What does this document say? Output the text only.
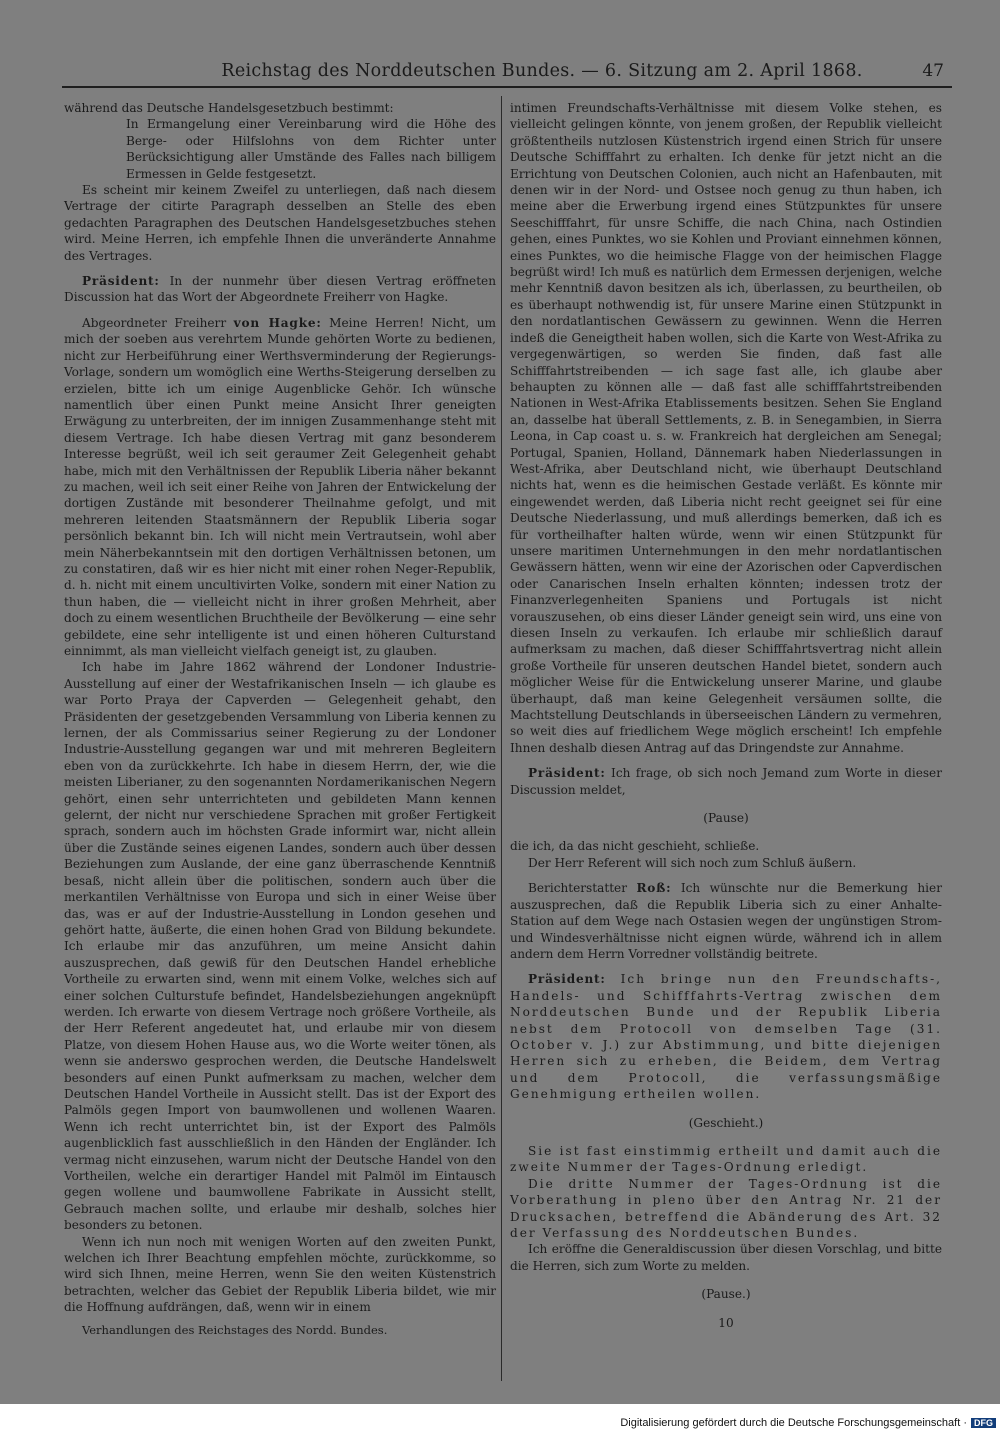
Reichstag des Norddeutschen Bundes. — 6. Sitzung am 2. April 1868.	47

während das Deutsche Handelsgesetzbuch bestimmt:

In Ermangelung einer Vereinbarung wird die Höhe des Berge- oder Hilfslohns von dem Richter unter Berücksichtigung aller Umstände des Falles nach billigem Ermessen in Gelde festgesetzt.

Es scheint mir keinem Zweifel zu unterliegen, daß nach diesem Vertrage der citirte Paragraph desselben an Stelle des eben gedachten Paragraphen des Deutschen Handelsgesetzbuches stehen wird. Meine Herren, ich empfehle Ihnen die unveränderte Annahme des Vertrages.

Präsident: In der nunmehr über diesen Vertrag eröffneten Discussion hat das Wort der Abgeordnete Freiherr von Hagke.

Abgeordneter Freiherr von Hagke: Meine Herren! Nicht, um mich der soeben aus verehrtem Munde gehörten Worte zu bedienen, nicht zur Herbeiführung einer Werthsverminderung der Regierungs-Vorlage, sondern um womöglich eine Werths-Steigerung derselben zu erzielen, bitte ich um einige Augenblicke Gehör. Ich wünsche namentlich über einen Punkt meine Ansicht Ihrer geneigten Erwägung zu unterbreiten, der im innigen Zusammenhange steht mit diesem Vertrage. Ich habe diesen Vertrag mit ganz besonderem Interesse begrüßt, weil ich seit geraumer Zeit Gelegenheit gehabt habe, mich mit den Verhältnissen der Republik Liberia näher bekannt zu machen, weil ich seit einer Reihe von Jahren der Entwickelung der dortigen Zustände mit besonderer Theilnahme gefolgt, und mit mehreren leitenden Staatsmännern der Republik Liberia sogar persönlich bekannt bin. Ich will nicht mein Vertrautsein, wohl aber mein Näherbekanntsein mit den dortigen Verhältnissen betonen, um zu constatiren, daß wir es hier nicht mit einer rohen Neger-Republik, d. h. nicht mit einem uncultivirten Volke, sondern mit einer Nation zu thun haben, die — vielleicht nicht in ihrer großen Mehrheit, aber doch zu einem wesentlichen Bruchtheile der Bevölkerung — eine sehr gebildete, eine sehr intelligente ist und einen höheren Culturstand einnimmt, als man vielleicht vielfach geneigt ist, zu glauben.

Ich habe im Jahre 1862 während der Londoner Industrie-Ausstellung auf einer der Westafrikanischen Inseln — ich glaube es war Porto Praya der Capverden — Gelegenheit gehabt, den Präsidenten der gesetzgebenden Versammlung von Liberia kennen zu lernen, der als Commissarius seiner Regierung zu der Londoner Industrie-Ausstellung gegangen war und mit mehreren Begleitern eben von da zurückkehrte. Ich habe in diesem Herrn, der, wie die meisten Liberianer, zu den sogenannten Nordamerikanischen Negern gehört, einen sehr unterrichteten und gebildeten Mann kennen gelernt, der nicht nur verschiedene Sprachen mit großer Fertigkeit sprach, sondern auch im höchsten Grade informirt war, nicht allein über die Zustände seines eigenen Landes, sondern auch über dessen Beziehungen zum Auslande, der eine ganz überraschende Kenntniß besaß, nicht allein über die politischen, sondern auch über die merkantilen Verhältnisse von Europa und sich in einer Weise über das, was er auf der Industrie-Ausstellung in London gesehen und gehört hatte, äußerte, die einen hohen Grad von Bildung bekundete. Ich erlaube mir das anzuführen, um meine Ansicht dahin auszusprechen, daß gewiß für den Deutschen Handel erhebliche Vortheile zu erwarten sind, wenn mit einem Volke, welches sich auf einer solchen Culturstufe befindet, Handelsbeziehungen angeknüpft werden. Ich erwarte von diesem Vertrage noch größere Vortheile, als der Herr Referent angedeutet hat, und erlaube mir von diesem Platze, von diesem Hohen Hause aus, wo die Worte weiter tönen, als wenn sie anderswo gesprochen werden, die Deutsche Handelswelt besonders auf einen Punkt aufmerksam zu machen, welcher dem Deutschen Handel Vortheile in Aussicht stellt. Das ist der Export des Palmöls gegen Import von baumwollenen und wollenen Waaren. Wenn ich recht unterrichtet bin, ist der Export des Palmöls augenblicklich fast ausschließlich in den Händen der Engländer. Ich vermag nicht einzusehen, warum nicht der Deutsche Handel von den Vortheilen, welche ein derartiger Handel mit Palmöl im Eintausch gegen wollene und baumwollene Fabrikate in Aussicht stellt, Gebrauch machen sollte, und erlaube mir deshalb, solches hier besonders zu betonen.

Wenn ich nun noch mit wenigen Worten auf den zweiten Punkt, welchen ich Ihrer Beachtung empfehlen möchte, zurückkomme, so wird sich Ihnen, meine Herren, wenn Sie den weiten Küstenstrich betrachten, welcher das Gebiet der Republik Liberia bildet, wie mir die Hoffnung aufdrängen, daß, wenn wir in einem

Verhandlungen des Reichstages des Nordd. Bundes.

intimen Freundschafts-Verhältnisse mit diesem Volke stehen, es vielleicht gelingen könnte, von jenem großen, der Republik vielleicht größtentheils nutzlosen Küstenstrich irgend einen Strich für unsere Deutsche Schifffahrt zu erhalten. Ich denke für jetzt nicht an die Errichtung von Deutschen Colonien, auch nicht an Hafenbauten, mit denen wir in der Nord- und Ostsee noch genug zu thun haben, ich meine aber die Erwerbung irgend eines Stützpunktes für unsere Seeschifffahrt, für unsre Schiffe, die nach China, nach Ostindien gehen, eines Punktes, wo sie Kohlen und Proviant einnehmen können, eines Punktes, wo die heimische Flagge von der heimischen Flagge begrüßt wird! Ich muß es natürlich dem Ermessen derjenigen, welche mehr Kenntniß davon besitzen als ich, überlassen, zu beurtheilen, ob es überhaupt nothwendig ist, für unsere Marine einen Stützpunkt in den nordatlantischen Gewässern zu gewinnen. Wenn die Herren indeß die Geneigtheit haben wollen, sich die Karte von West-Afrika zu vergegenwärtigen, so werden Sie finden, daß fast alle Schifffahrtstreibenden — ich sage fast alle, ich glaube aber behaupten zu können alle — daß fast alle schifffahrtstreibenden Nationen in West-Afrika Etablissements besitzen. Sehen Sie England an, dasselbe hat überall Settlements, z. B. in Senegambien, in Sierra Leona, in Cap coast u. s. w. Frankreich hat dergleichen am Senegal; Portugal, Spanien, Holland, Dännemark haben Niederlassungen in West-Afrika, aber Deutschland nicht, wie überhaupt Deutschland nichts hat, wenn es die heimischen Gestade verläßt. Es könnte mir eingewendet werden, daß Liberia nicht recht geeignet sei für eine Deutsche Niederlassung, und muß allerdings bemerken, daß ich es für vortheilhafter halten würde, wenn wir einen Stützpunkt für unsere maritimen Unternehmungen in den mehr nordatlantischen Gewässern hätten, wenn wir eine der Azorischen oder Capverdischen oder Canarischen Inseln erhalten könnten; indessen trotz der Finanzverlegenheiten Spaniens und Portugals ist nicht vorauszusehen, ob eins dieser Länder geneigt sein wird, uns eine von diesen Inseln zu verkaufen. Ich erlaube mir schließlich darauf aufmerksam zu machen, daß dieser Schifffahrtsvertrag nicht allein große Vortheile für unseren deutschen Handel bietet, sondern auch möglicher Weise für die Entwickelung unserer Marine, und glaube überhaupt, daß man keine Gelegenheit versäumen sollte, die Machtstellung Deutschlands in überseeischen Ländern zu vermehren, so weit dies auf friedlichem Wege möglich erscheint! Ich empfehle Ihnen deshalb diesen Antrag auf das Dringendste zur Annahme.

Präsident: Ich frage, ob sich noch Jemand zum Worte in dieser Discussion meldet,

(Pause)

die ich, da das nicht geschieht, schließe.

Der Herr Referent will sich noch zum Schluß äußern.

Berichterstatter Roß: Ich wünschte nur die Bemerkung hier auszusprechen, daß die Republik Liberia sich zu einer Anhalte-Station auf dem Wege nach Ostasien wegen der ungünstigen Strom- und Windesverhältnisse nicht eignen würde, während ich in allem andern dem Herrn Vorredner vollständig beitrete.

Präsident: Ich bringe nun den Freundschafts-, Handels- und Schifffahrts-Vertrag zwischen dem Norddeutschen Bunde und der Republik Liberia nebst dem Protocoll von demselben Tage (31. October v. J.) zur Abstimmung, und bitte diejenigen Herren sich zu erheben, die Beidem, dem Vertrag und dem Protocoll, die verfassungsmäßige Genehmigung ertheilen wollen.

(Geschieht.)

Sie ist fast einstimmig ertheilt und damit auch die zweite Nummer der Tages-Ordnung erledigt.

Die dritte Nummer der Tages-Ordnung ist die Vorberathung in pleno über den Antrag Nr. 21 der Drucksachen, betreffend die Abänderung des Art. 32 der Verfassung des Norddeutschen Bundes.

Ich eröffne die Generaldiscussion über diesen Vorschlag, und bitte die Herren, sich zum Worte zu melden.

(Pause.)

10

Digitalisierung gefördert durch die Deutsche Forschungsgemeinschaft · DFG
